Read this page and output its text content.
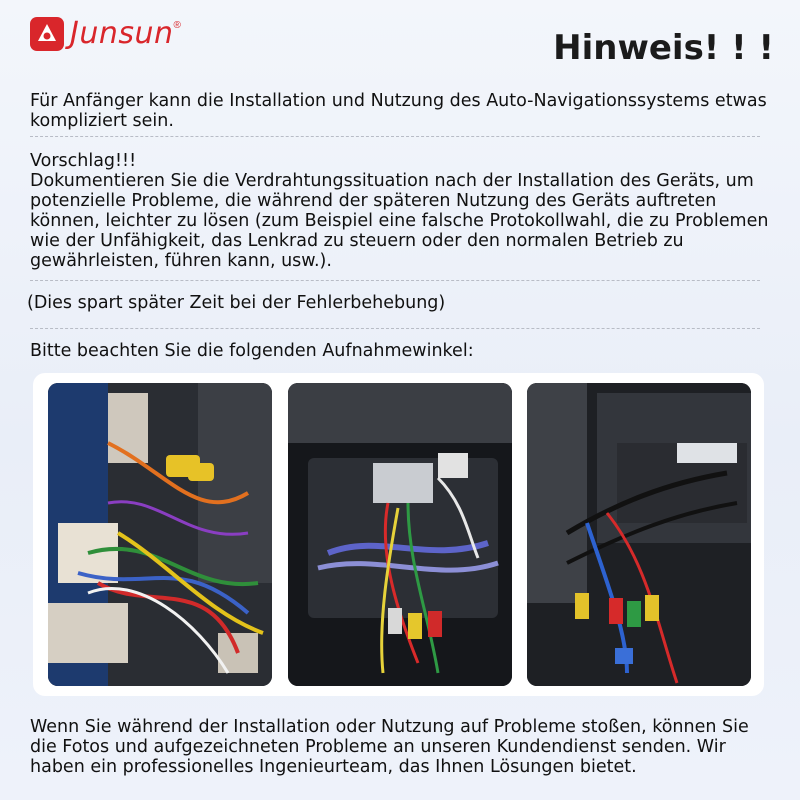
Junsun ®
Hinweis! ! !
Für Anfänger kann die Installation und Nutzung des Auto-Navigationssystems etwas kompliziert sein.
Vorschlag!!!
Dokumentieren Sie die Verdrahtungssituation nach der Installation des Geräts, um potenzielle Probleme, die während der späteren Nutzung des Geräts auftreten können, leichter zu lösen (zum Beispiel eine falsche Protokollwahl, die zu Problemen wie der Unfähigkeit, das Lenkrad zu steuern oder den normalen Betrieb zu gewährleisten, führen kann, usw.).
(Dies spart später Zeit bei der Fehlerbehebung)
Bitte beachten Sie die folgenden Aufnahmewinkel:
Wenn Sie während der Installation oder Nutzung auf Probleme stoßen, können Sie die Fotos und aufgezeichneten Probleme an unseren Kundendienst senden. Wir haben ein professionelles Ingenieurteam, das Ihnen Lösungen bietet.
